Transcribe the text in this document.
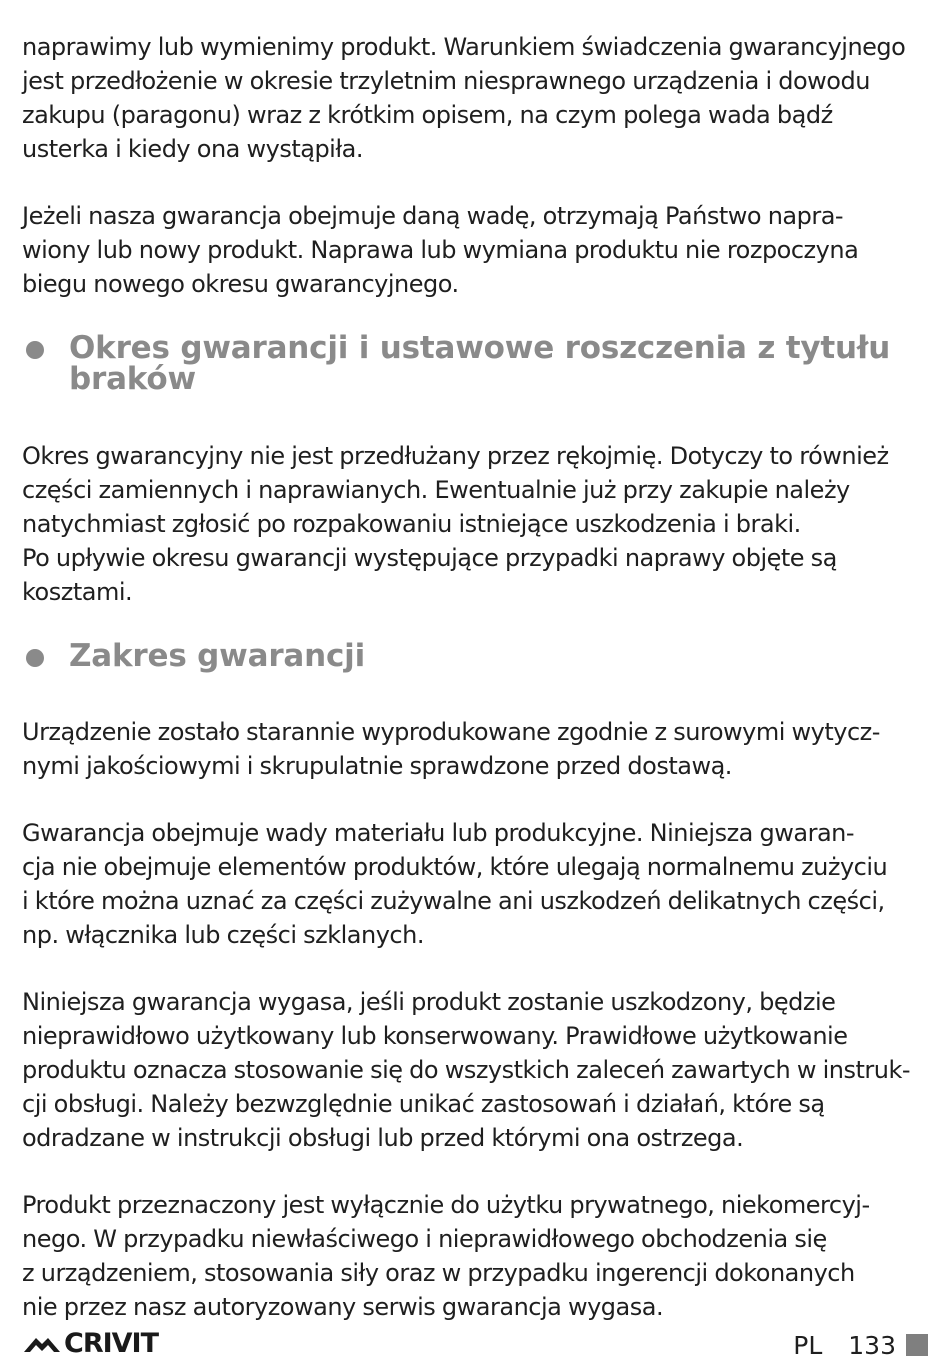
naprawimy lub wymienimy produkt. Warunkiem świadczenia gwarancyjnego
jest przedłożenie w okresie trzyletnim niesprawnego urządzenia i dowodu
zakupu (paragonu) wraz z krótkim opisem, na czym polega wada bądź
usterka i kiedy ona wystąpiła.

Jeżeli nasza gwarancja obejmuje daną wadę, otrzymają Państwo napra-
wiony lub nowy produkt. Naprawa lub wymiana produktu nie rozpoczyna
biegu nowego okresu gwarancyjnego.

Okres gwarancji i ustawowe roszczenia z tytułu
braków

Okres gwarancyjny nie jest przedłużany przez rękojmię. Dotyczy to również
części zamiennych i naprawianych. Ewentualnie już przy zakupie należy
natychmiast zgłosić po rozpakowaniu istniejące uszkodzenia i braki.
Po upływie okresu gwarancji występujące przypadki naprawy objęte są
kosztami.

Zakres gwarancji

Urządzenie zostało starannie wyprodukowane zgodnie z surowymi wytycz-
nymi jakościowymi i skrupulatnie sprawdzone przed dostawą.

Gwarancja obejmuje wady materiału lub produkcyjne. Niniejsza gwaran-
cja nie obejmuje elementów produktów, które ulegają normalnemu zużyciu
i które można uznać za części zużywalne ani uszkodzeń delikatnych części,
np. włącznika lub części szklanych.

Niniejsza gwarancja wygasa, jeśli produkt zostanie uszkodzony, będzie
nieprawidłowo użytkowany lub konserwowany. Prawidłowe użytkowanie
produktu oznacza stosowanie się do wszystkich zaleceń zawartych w instruk-
cji obsługi. Należy bezwzględnie unikać zastosowań i działań, które są
odradzane w instrukcji obsługi lub przed którymi ona ostrzega.

Produkt przeznaczony jest wyłącznie do użytku prywatnego, niekomercyj-
nego. W przypadku niewłaściwego i nieprawidłowego obchodzenia się
z urządzeniem, stosowania siły oraz w przypadku ingerencji dokonanych
nie przez nasz autoryzowany serwis gwarancja wygasa.

CRIVIT	PL 133
